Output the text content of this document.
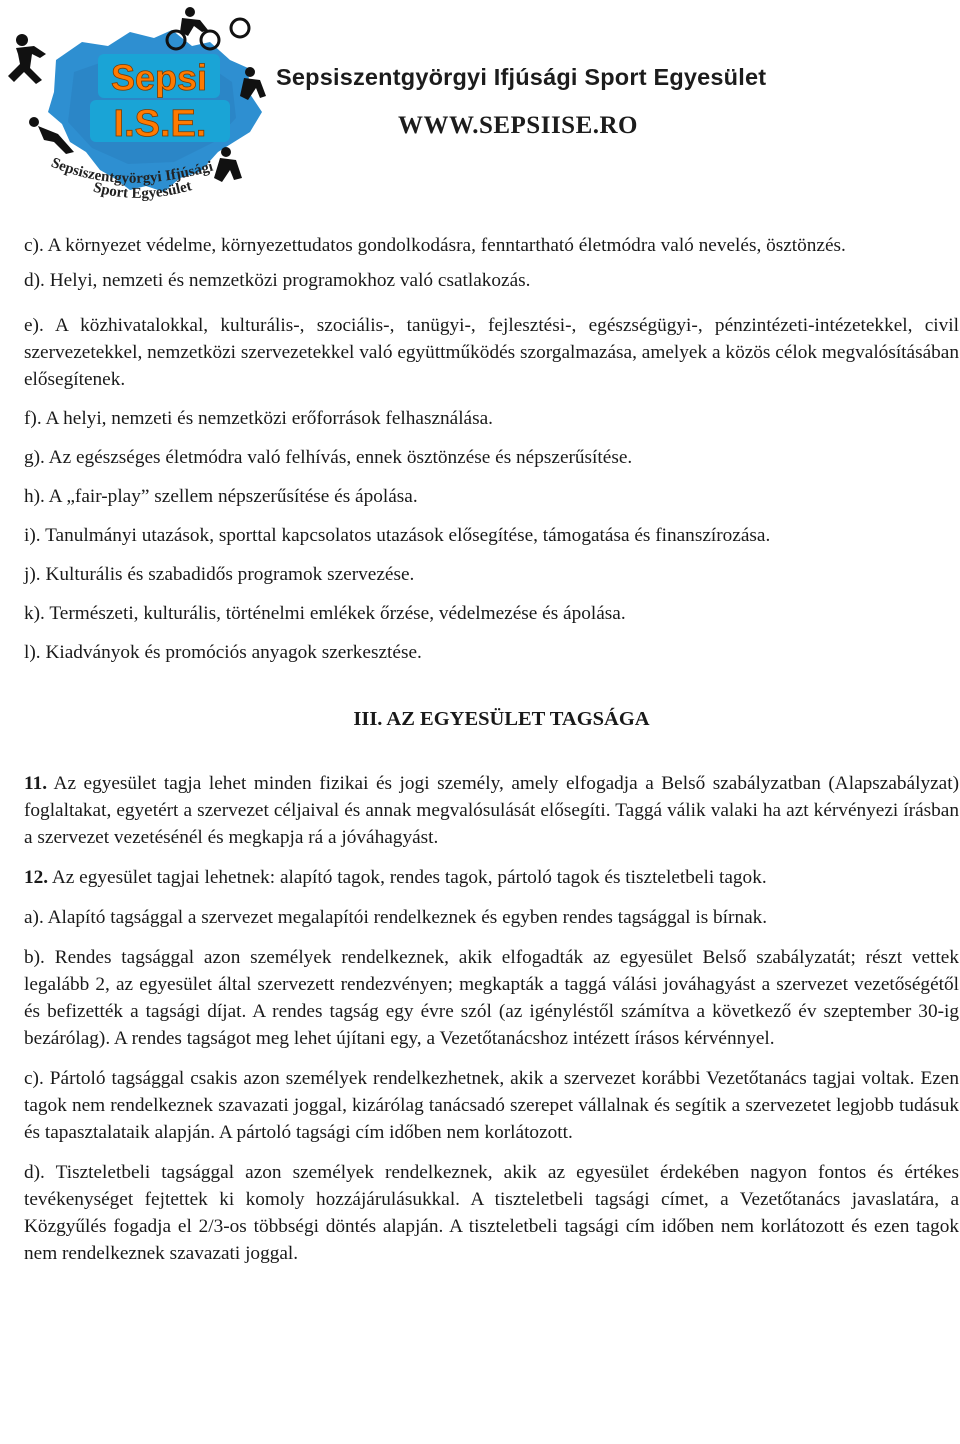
Sepsi
I.S.E.
Sepsiszentgyörgyi Ifjúsági
Sport Egyesület
Sepsiszentgyörgyi Ifjúsági Sport Egyesület
WWW.SEPSIISE.RO

c). A környezet védelme, környezettudatos gondolkodásra, fenntartható életmódra való nevelés, ösztönzés.

d). Helyi, nemzeti és nemzetközi programokhoz való csatlakozás.

e). A közhivatalokkal, kulturális-, szociális-, tanügyi-, fejlesztési-, egészségügyi-, pénzintézeti-intézetekkel, civil szervezetekkel, nemzetközi szervezetekkel való együttműködés szorgalmazása, amelyek a közös célok megvalósításában elősegítenek.

f). A helyi, nemzeti és nemzetközi erőforrások felhasználása.

g). Az egészséges életmódra való felhívás, ennek ösztönzése és népszerűsítése.

h). A „fair-play” szellem népszerűsítése és ápolása.

i). Tanulmányi utazások, sporttal kapcsolatos utazások elősegítése, támogatása és finanszírozása.

j). Kulturális és szabadidős programok szervezése.

k). Természeti, kulturális, történelmi emlékek őrzése, védelmezése és ápolása.

l). Kiadványok és promóciós anyagok szerkesztése.

III. AZ EGYESÜLET TAGSÁGA

11. Az egyesület tagja lehet minden fizikai és jogi személy, amely elfogadja a Belső szabályzatban (Alapszabályzat) foglaltakat, egyetért a szervezet céljaival és annak megvalósulását elősegíti. Taggá válik valaki ha azt kérvényezi írásban a szervezet vezetésénél és megkapja rá a jóváhagyást.

12. Az egyesület tagjai lehetnek: alapító tagok, rendes tagok, pártoló tagok és tiszteletbeli tagok.

a). Alapító tagsággal a szervezet megalapítói rendelkeznek és egyben rendes tagsággal is bírnak.

b). Rendes tagsággal azon személyek rendelkeznek, akik elfogadták az egyesület Belső szabályzatát; részt vettek legalább 2, az egyesület által szervezett rendezvényen; megkapták a taggá válási jováhagyást a szervezet vezetőségétől és befizették a tagsági díjat. A rendes tagság egy évre szól (az igényléstől számítva a következő év szeptember 30-ig bezárólag). A rendes tagságot meg lehet újítani egy, a Vezetőtanácshoz intézett írásos kérvénnyel.

c). Pártoló tagsággal csakis azon személyek rendelkezhetnek, akik a szervezet korábbi Vezetőtanács tagjai voltak. Ezen tagok nem rendelkeznek szavazati joggal, kizárólag tanácsadó szerepet vállalnak és segítik a szervezetet legjobb tudásuk és tapasztalataik alapján. A pártoló tagsági cím időben nem korlátozott.

d). Tiszteletbeli tagsággal azon személyek rendelkeznek, akik az egyesület érdekében nagyon fontos és értékes tevékenységet fejtettek ki komoly hozzájárulásukkal. A tiszteletbeli tagsági címet, a Vezetőtanács javaslatára, a Közgyűlés fogadja el 2/3-os többségi döntés alapján. A tiszteletbeli tagsági cím időben nem korlátozott és ezen tagok nem rendelkeznek szavazati joggal.
